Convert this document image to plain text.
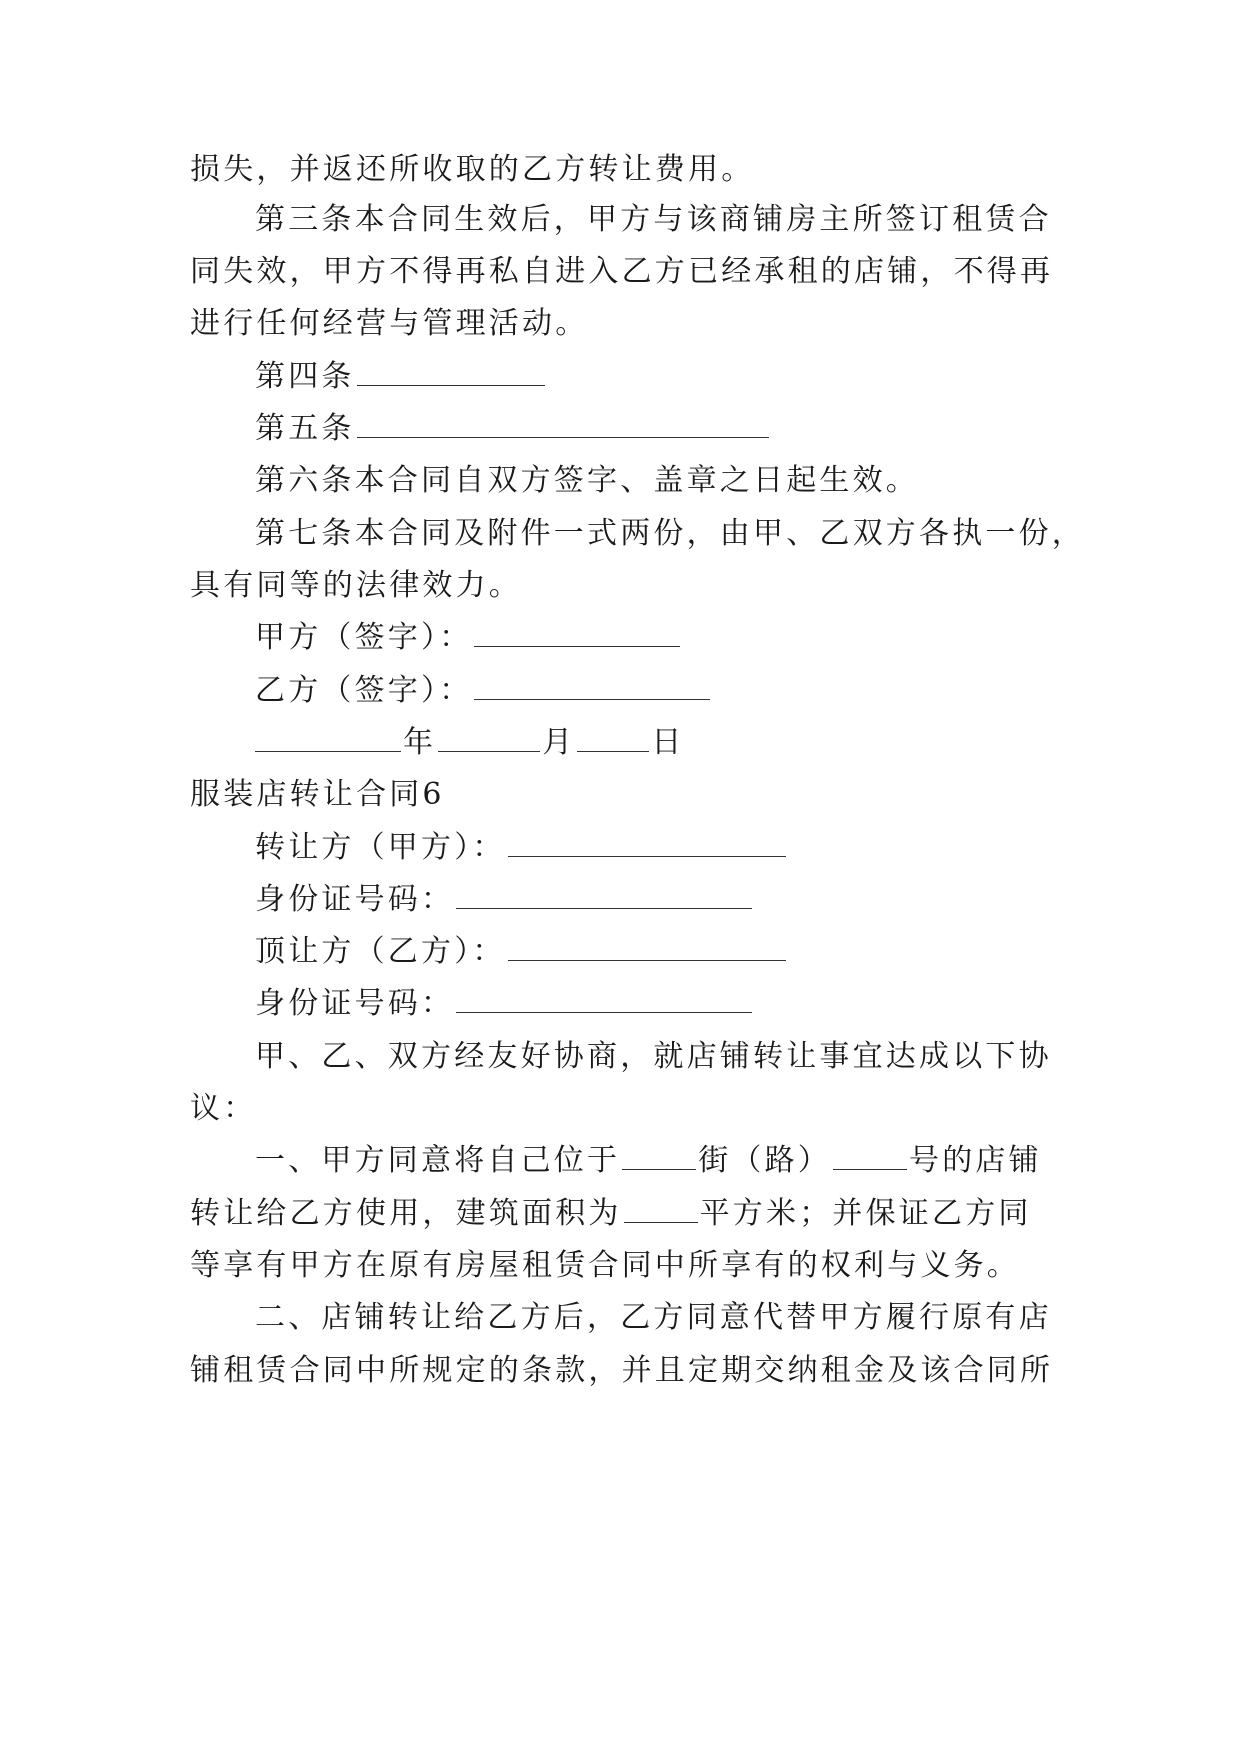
损失，并返还所收取的乙方转让费用。
第三条本合同生效后，甲方与该商铺房主所签订租赁合
同失效，甲方不得再私自进入乙方已经承租的店铺，不得再
进行任何经营与管理活动。
第四条
第五条
第六条本合同自双方签字、盖章之日起生效。
第七条本合同及附件一式两份，由甲、乙双方各执一份，
具有同等的法律效力。
甲方（签字）：
乙方（签字）：
年	月	日
服装店转让合同6
转让方（甲方）：
身份证号码：
顶让方（乙方）：
身份证号码：
甲、乙、双方经友好协商，就店铺转让事宜达成以下协
议：
一、甲方同意将自己位于	街（路）	号的店铺
转让给乙方使用，建筑面积为	平方米；并保证乙方同
等享有甲方在原有房屋租赁合同中所享有的权利与义务。
二、店铺转让给乙方后，乙方同意代替甲方履行原有店
铺租赁合同中所规定的条款，并且定期交纳租金及该合同所
